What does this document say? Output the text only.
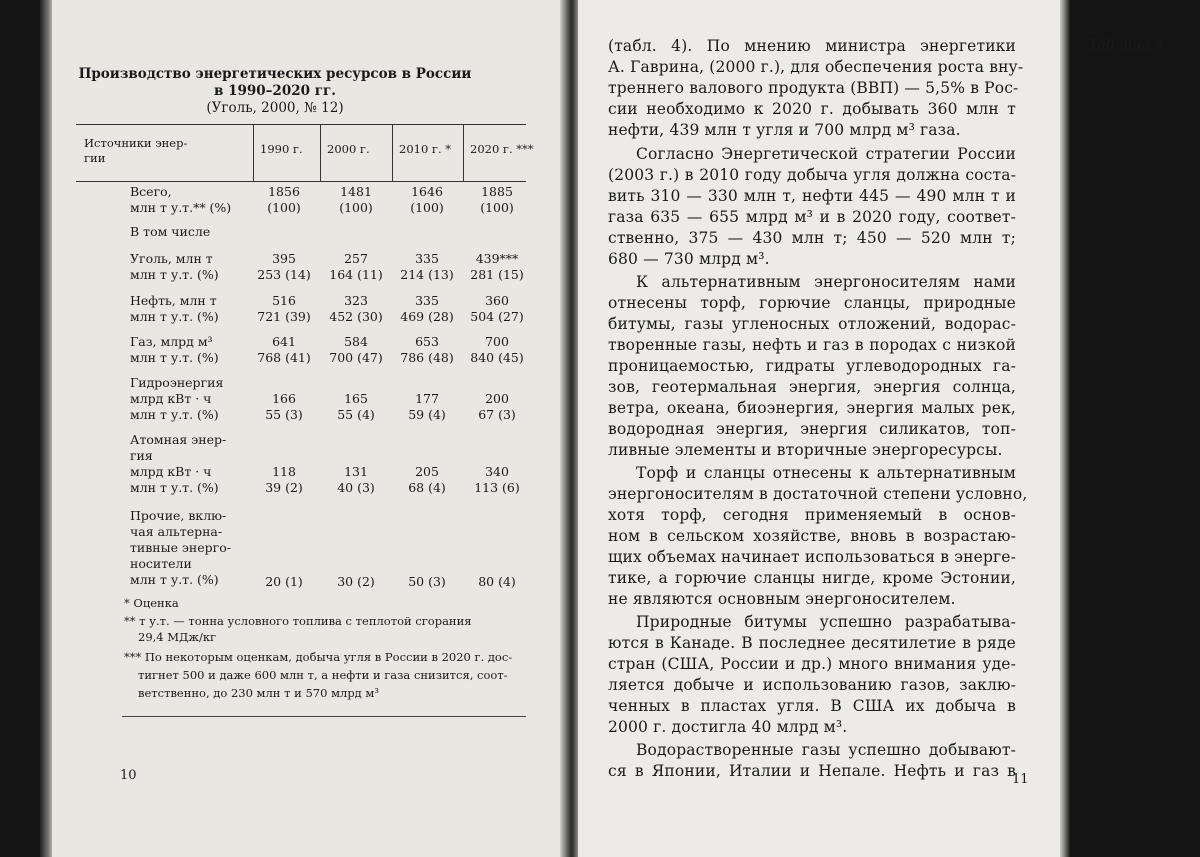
Таблица 4
Производство энергетических ресурсов в России
в 1990–2020 гг.
(Уголь, 2000, № 12)
Источники энер- гии
1990 г. 2000 г.	2010 г. * 2020 г. ***
Всего,
млн т у.т.** (%)
1856
(100)
1481
(100)
1646
(100)
1885
(100)
В том числе
Уголь, млн т
млн т у.т. (%)
395
253 (14)
257
164 (11)
335
214 (13)
439***
281 (15)
Нефть, млн т
млн т у.т. (%)
516
721 (39)
323
452 (30)
335
469 (28)
360
504 (27)
Газ, млрд м³
млн т у.т. (%)
641
768 (41)
584
700 (47)
653
786 (48)
700
840 (45)
Гидроэнергия
млрд кВт · ч
млн т у.т. (%)
166
55 (3)
165
55 (4)
177
59 (4)
200
67 (3)
Атомная энер-
гия
млрд кВт · ч
млн т у.т. (%)
118
39 (2)
131
40 (3)
205
68 (4)
340
113 (6)
Прочие, вклю-
чая альтерна-
тивные энерго-
носители
млн т у.т. (%)	20 (1)	30 (2)	50 (3)	80 (4)
* Оценка
** т у.т. — тонна условного топлива с теплотой сгорания
29,4 МДж/кг
*** По некоторым оценкам, добыча угля в России в 2020 г. дос-
тигнет 500 и даже 600 млн т, а нефти и газа снизится, соот-
ветственно, до 230 млн т и 570 млрд м³
10
(табл. 4). По мнению министра энергетики
А. Гаврина, (2000 г.), для обеспечения роста вну-
треннего валового продукта (ВВП) — 5,5% в Рос-
сии необходимо к 2020 г. добывать 360 млн т
нефти, 439 млн т угля и 700 млрд м³ газа.
Согласно Энергетической стратегии России
(2003 г.) в 2010 году добыча угля должна соста-
вить 310 — 330 млн т, нефти 445 — 490 млн т и
газа 635 — 655 млрд м³ и в 2020 году, соответ-
ственно, 375 — 430 млн т; 450 — 520 млн т;
680 — 730 млрд м³.
К альтернативным энергоносителям нами
отнесены торф, горючие сланцы, природные
битумы, газы угленосных отложений, водорас-
творенные газы, нефть и газ в породах с низкой
проницаемостью, гидраты углеводородных га-
зов, геотермальная энергия, энергия солнца,
ветра, океана, биоэнергия, энергия малых рек,
водородная энергия, энергия силикатов, топ-
ливные элементы и вторичные энергоресурсы.
Торф и сланцы отнесены к альтернативным
энергоносителям в достаточной степени условно,
хотя торф, сегодня применяемый в основ-
ном в сельском хозяйстве, вновь в возрастаю-
щих объемах начинает использоваться в энерге-
тике, а горючие сланцы нигде, кроме Эстонии,
не являются основным энергоносителем.
Природные битумы успешно разрабатыва-
ются в Канаде. В последнее десятилетие в ряде
стран (США, России и др.) много внимания уде-
ляется добыче и использованию газов, заклю-
ченных в пластах угля. В США их добыча в
2000 г. достигла 40 млрд м³.
Водорастворенные газы успешно добывают-
ся в Японии, Италии и Непале. Нефть и газ в
11
